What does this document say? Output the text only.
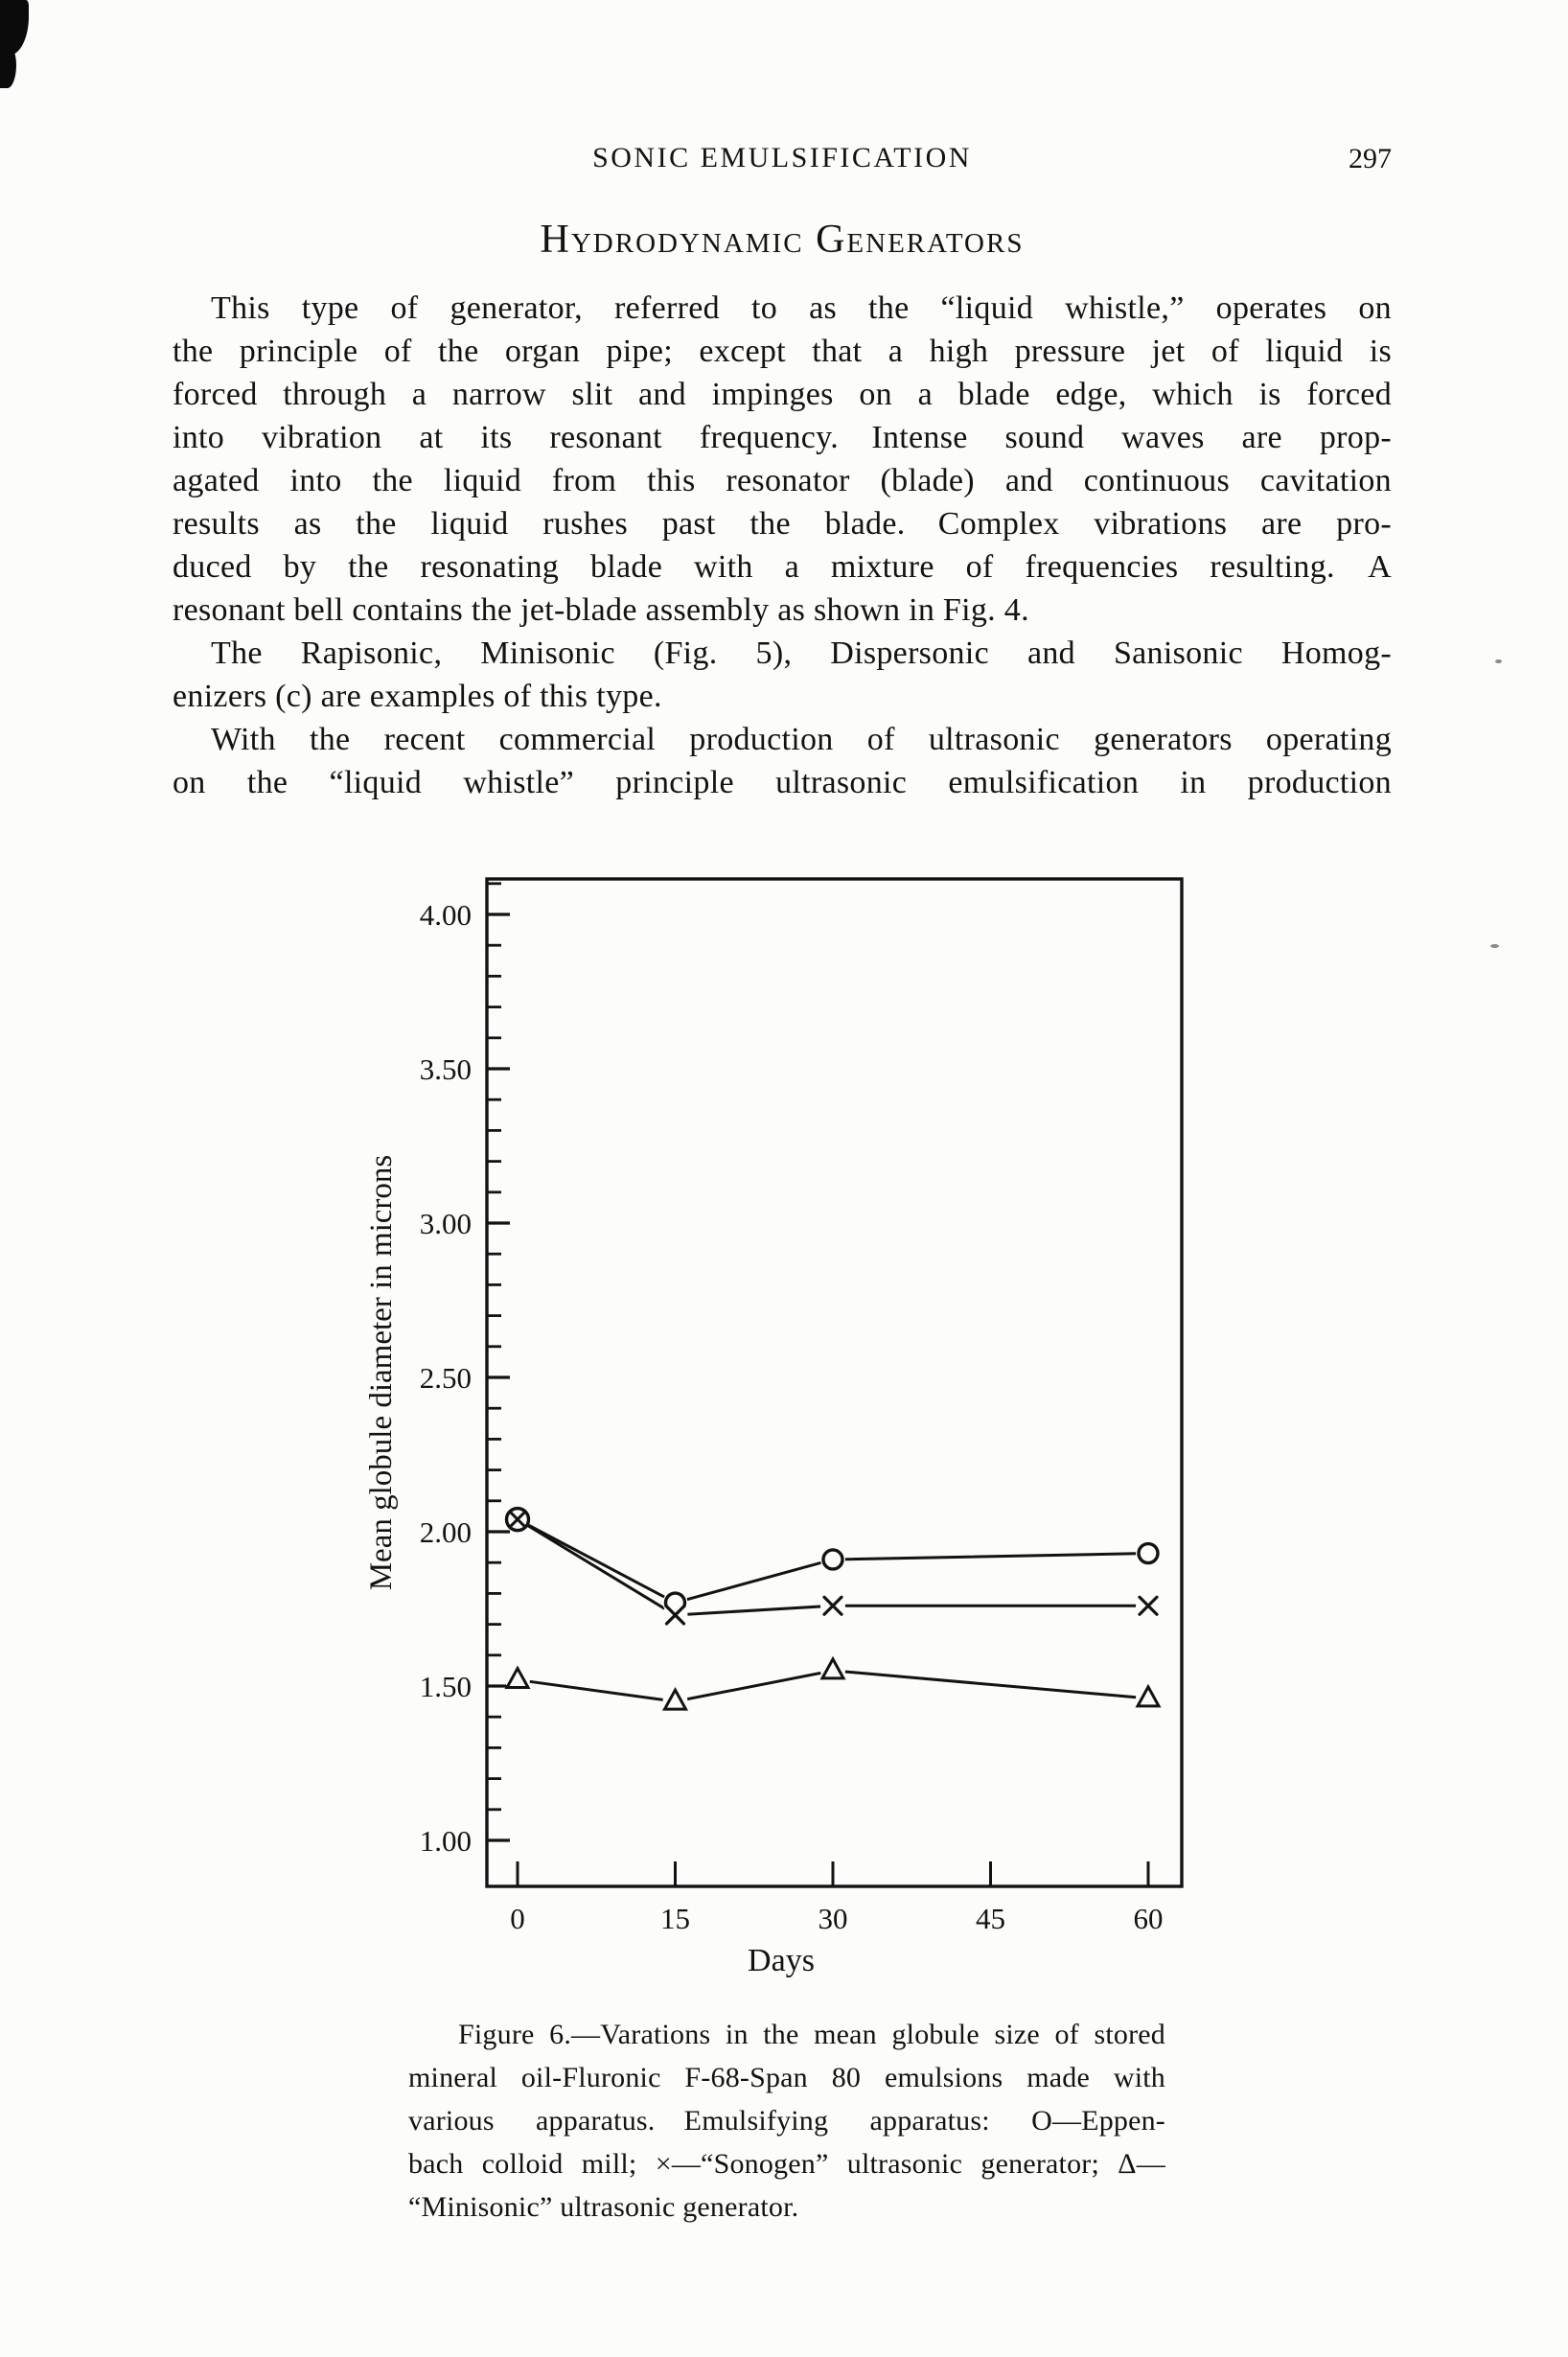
SONIC EMULSIFICATION	297
Hydrodynamic Generators
This type of generator, referred to as the “liquid whistle,” operates on
the principle of the organ pipe; except that a high pressure jet of liquid is
forced through a narrow slit and impinges on a blade edge, which is forced
into vibration at its resonant frequency. Intense sound waves are prop-
agated into the liquid from this resonator (blade) and continuous cavitation
results as the liquid rushes past the blade. Complex vibrations are pro-
duced by the resonating blade with a mixture of frequencies resulting. A
resonant bell contains the jet-blade assembly as shown in Fig. 4.
The Rapisonic, Minisonic (Fig. 5), Dispersonic and Sanisonic Homog-
enizers (c) are examples of this type.
With the recent commercial production of ultrasonic generators operating
on the “liquid whistle” principle ultrasonic emulsification in production
4.00
3.50
3.00
2.50
2.00
1.50
1.00
0	15	30	45	60
Days
Mean globule diameter in microns
Figure 6.—Varations in the mean globule size of stored
mineral oil-Fluronic F-68-Span 80 emulsions made with
various apparatus. Emulsifying apparatus: O—Eppen-
bach colloid mill; ×—“Sonogen” ultrasonic generator; Δ—
“Minisonic” ultrasonic generator.
